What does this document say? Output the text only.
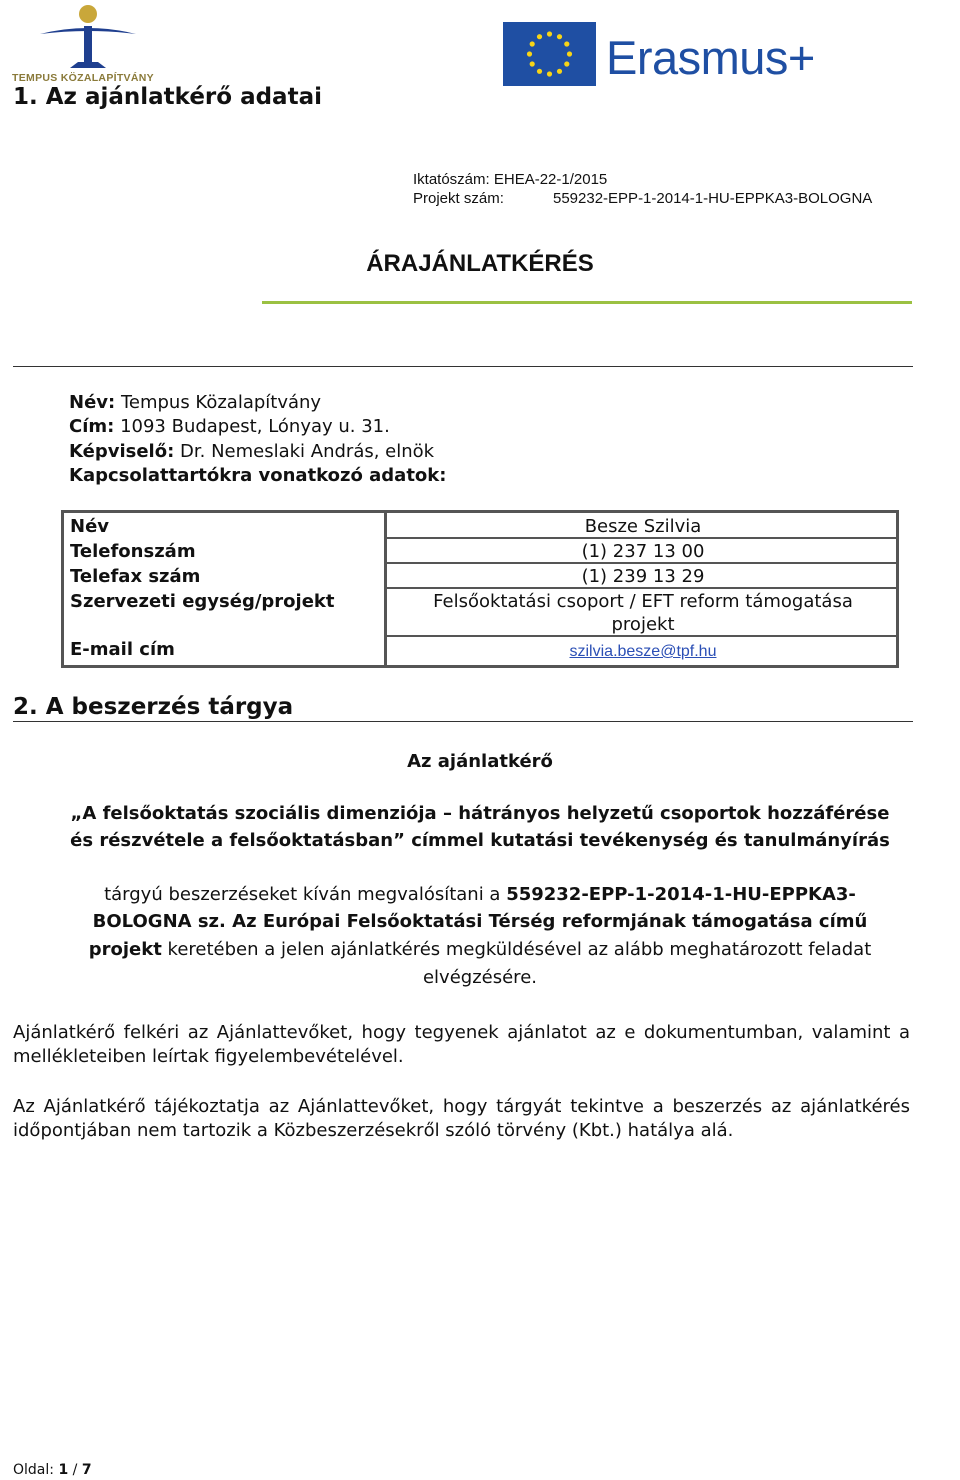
TEMPUS KÖZALAPÍTVÁNY	Erasmus+
Iktatószám: EHEA-22-1/2015
Projekt szám:	559232-EPP-1-2014-1-HU-EPPKA3-BOLOGNA
ÁRAJÁNLATKÉRÉS
1. Az ajánlatkérő adatai
Név: Tempus Közalapítvány
Cím: 1093 Budapest, Lónyay u. 31.
Képviselő: Dr. Nemeslaki András, elnök
Kapcsolattartókra vonatkozó adatok:
Név	Besze Szilvia
Telefonszám	(1) 237 13 00
Telefax szám	(1) 239 13 29
Szervezeti egység/projekt	Felsőoktatási csoport / EFT reform támogatása
projekt
E-mail cím	szilvia.besze@tpf.hu
2. A beszerzés tárgya
Az ajánlatkérő
„A felsőoktatás szociális dimenziója – hátrányos helyzetű csoportok hozzáférése
és részvétele a felsőoktatásban” címmel kutatási tevékenység és tanulmányírás
tárgyú beszerzéseket kíván megvalósítani a 559232-EPP-1-2014-1-HU-EPPKA3-
BOLOGNA sz. Az Európai Felsőoktatási Térség reformjának támogatása című
projekt keretében a jelen ajánlatkérés megküldésével az alább meghatározott feladat
elvégzésére.
Ajánlatkérő felkéri az Ajánlattevőket, hogy tegyenek ajánlatot az e dokumentumban, valamint a mellékleteiben leírtak figyelembevételével.
Az Ajánlatkérő tájékoztatja az Ajánlattevőket, hogy tárgyát tekintve a beszerzés az ajánlatkérés időpontjában nem tartozik a Közbeszerzésekről szóló törvény (Kbt.) hatálya alá.
Oldal: 1 / 7
